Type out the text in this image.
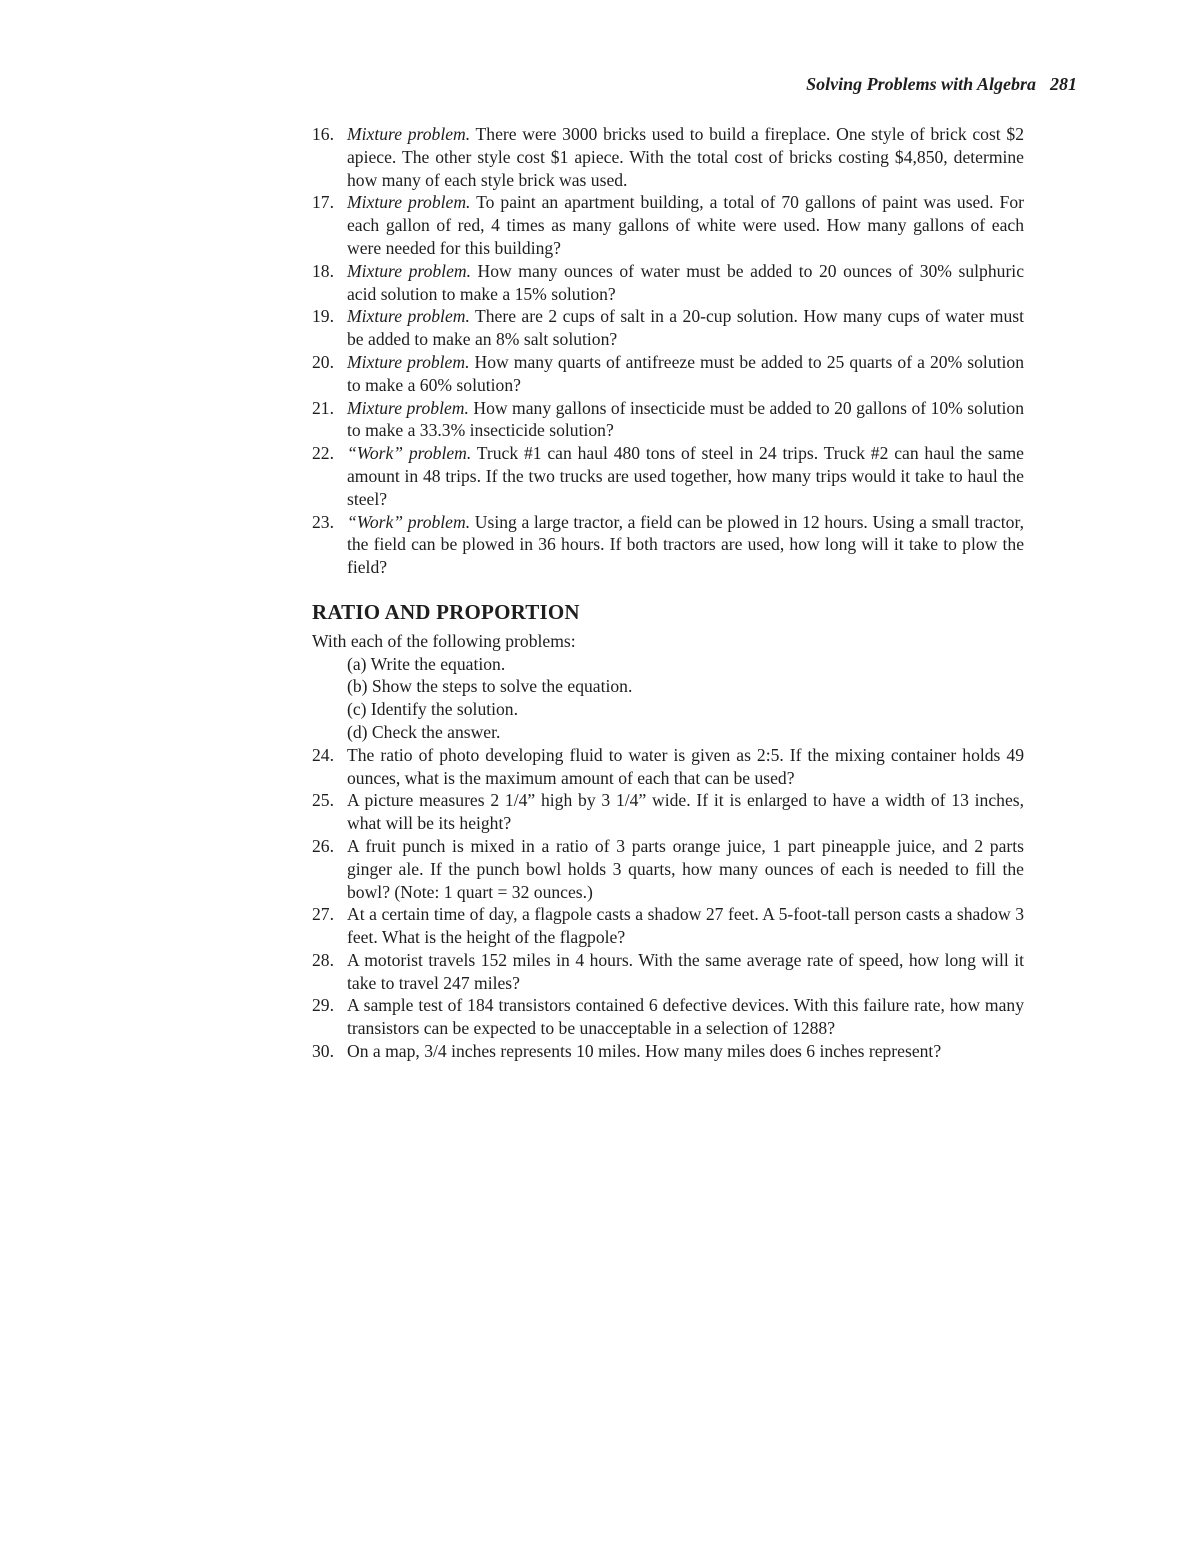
Solving Problems with Algebra 281
16. Mixture problem. There were 3000 bricks used to build a fireplace. One style of brick cost $2 apiece. The other style cost $1 apiece. With the total cost of bricks costing $4,850, determine how many of each style brick was used.
17. Mixture problem. To paint an apartment building, a total of 70 gallons of paint was used. For each gallon of red, 4 times as many gallons of white were used. How many gallons of each were needed for this building?
18. Mixture problem. How many ounces of water must be added to 20 ounces of 30% sulphuric acid solution to make a 15% solution?
19. Mixture problem. There are 2 cups of salt in a 20-cup solution. How many cups of water must be added to make an 8% salt solution?
20. Mixture problem. How many quarts of antifreeze must be added to 25 quarts of a 20% solution to make a 60% solution?
21. Mixture problem. How many gallons of insecticide must be added to 20 gallons of 10% solution to make a 33.3% insecticide solution?
22. “Work” problem. Truck #1 can haul 480 tons of steel in 24 trips. Truck #2 can haul the same amount in 48 trips. If the two trucks are used together, how many trips would it take to haul the steel?
23. “Work” problem. Using a large tractor, a field can be plowed in 12 hours. Using a small tractor, the field can be plowed in 36 hours. If both tractors are used, how long will it take to plow the field?
RATIO AND PROPORTION

With each of the following problems:

(a) Write the equation.
(b) Show the steps to solve the equation.
(c) Identify the solution.
(d) Check the answer.
24. The ratio of photo developing fluid to water is given as 2:5. If the mixing container holds 49 ounces, what is the maximum amount of each that can be used?
25. A picture measures 2 1/4” high by 3 1/4” wide. If it is enlarged to have a width of 13 inches, what will be its height?
26. A fruit punch is mixed in a ratio of 3 parts orange juice, 1 part pineapple juice, and 2 parts ginger ale. If the punch bowl holds 3 quarts, how many ounces of each is needed to fill the bowl? (Note: 1 quart = 32 ounces.)
27. At a certain time of day, a flagpole casts a shadow 27 feet. A 5-foot-tall person casts a shadow 3 feet. What is the height of the flagpole?
28. A motorist travels 152 miles in 4 hours. With the same average rate of speed, how long will it take to travel 247 miles?
29. A sample test of 184 transistors contained 6 defective devices. With this failure rate, how many transistors can be expected to be unacceptable in a selection of 1288?
30. On a map, 3/4 inches represents 10 miles. How many miles does 6 inches represent?
